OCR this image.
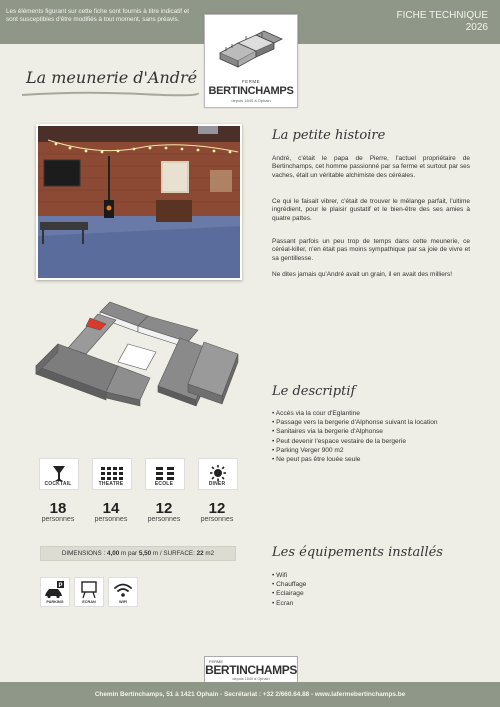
Les éléments figurant sur cette fiche sont fournis à titre indicatif et sont susceptibles d'être modifiés à tout moment, sans préavis.	FICHE TECHNIQUE
2026
FERME
BERTINCHAMPS
depuis 1840 à Ophain
La meunerie d'André
La petite histoire
André, c'était le papa de Pierre, l'actuel propriétaire de Bertinchamps, cet homme passionné par sa ferme et surtout par ses vaches, était un véritable alchimiste des céréales.
Ce qui le faisait vibrer, c'était de trouver le mélange parfait, l'ultime ingrédient, pour le plaisir gustatif et le bien-être des ses amies à quatre pattes.
Passant parfois un peu trop de temps dans cette meunerie, ce céréal-killer, n'en était pas moins sympathique par sa joie de vivre et sa gentillesse.
Ne dites jamais qu'André avait un grain, il en avait des milliers!
Le descriptif
• Accès via la cour d'Eglantine
• Passage vers la bergerie d'Alphonse suivant la location
• Sanitaires via la bergerie d'Alphonse
• Peut devenir l'espace vestaire de la bergerie
• Parking Verger 900 m2
• Ne peut pas être louée seule
COCKTAIL	THEATRE	ECOLE	DINER
18	14	12	12
personnes	personnes	personnes	personnes
DIMENSIONS : 4,00 m par 5,50 m / SURFACE: 22 m2	Les équipements installés
• Wifi
• Chauffage
• Eclairage
• Ecran
P
PARKING	ECRAN	WIFI
FERME
BERTINCHAMPS
depuis 1840 à Ophain
Chemin Bertinchamps, 51 à 1421 Ophain - Secrétariat : +32 2/660.64.88 - www.lafermebertinchamps.be
